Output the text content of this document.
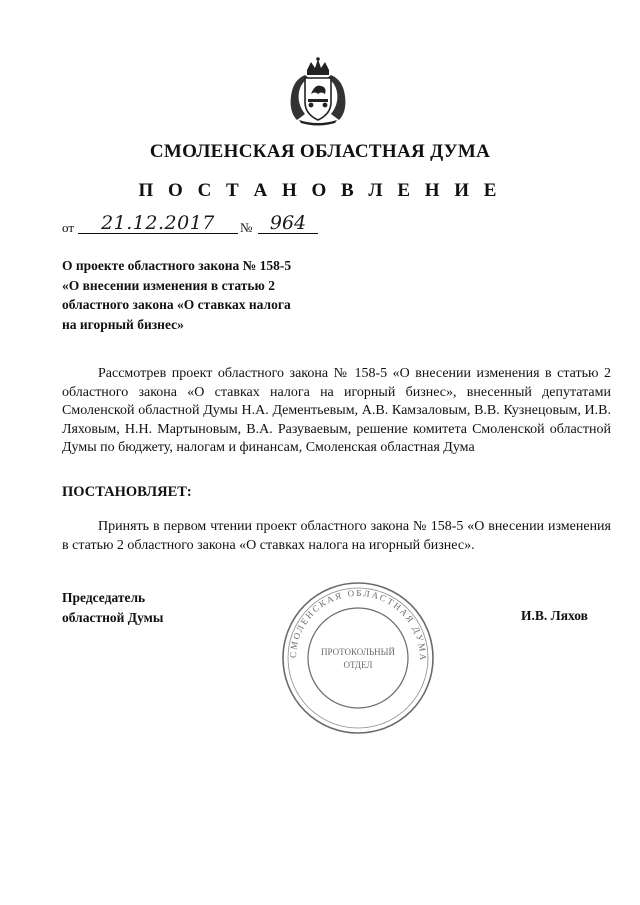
СМОЛЕНСКАЯ ОБЛАСТНАЯ ДУМА
П О С Т А Н О В Л Е Н И Е
от	21.12.2017	№ 964
О проекте областного закона № 158-5
«О внесении изменения в статью 2
областного закона «О ставках налога
на игорный бизнес»
Рассмотрев проект областного закона № 158-5 «О внесении изменения в статью 2 областного закона «О ставках налога на игорный бизнес», внесенный депутатами Смоленской областной Думы Н.А. Дементьевым, А.В. Камзаловым, В.В. Кузнецовым, И.В. Ляховым, Н.Н. Мартыновым, В.А. Разуваевым, решение комитета Смоленской областной Думы по бюджету, налогам и финансам, Смоленская областная Дума
ПОСТАНОВЛЯЕТ:
Принять в первом чтении проект областного закона № 158-5 «О внесении изменения в статью 2 областного закона «О ставках налога на игорный бизнес».
Председатель
областной Думы	И.В. Ляхов
СМОЛЕНСКАЯ ОБЛАСТНАЯ ДУМА
ПРОТОКОЛЬНЫЙ
ОТДЕЛ
